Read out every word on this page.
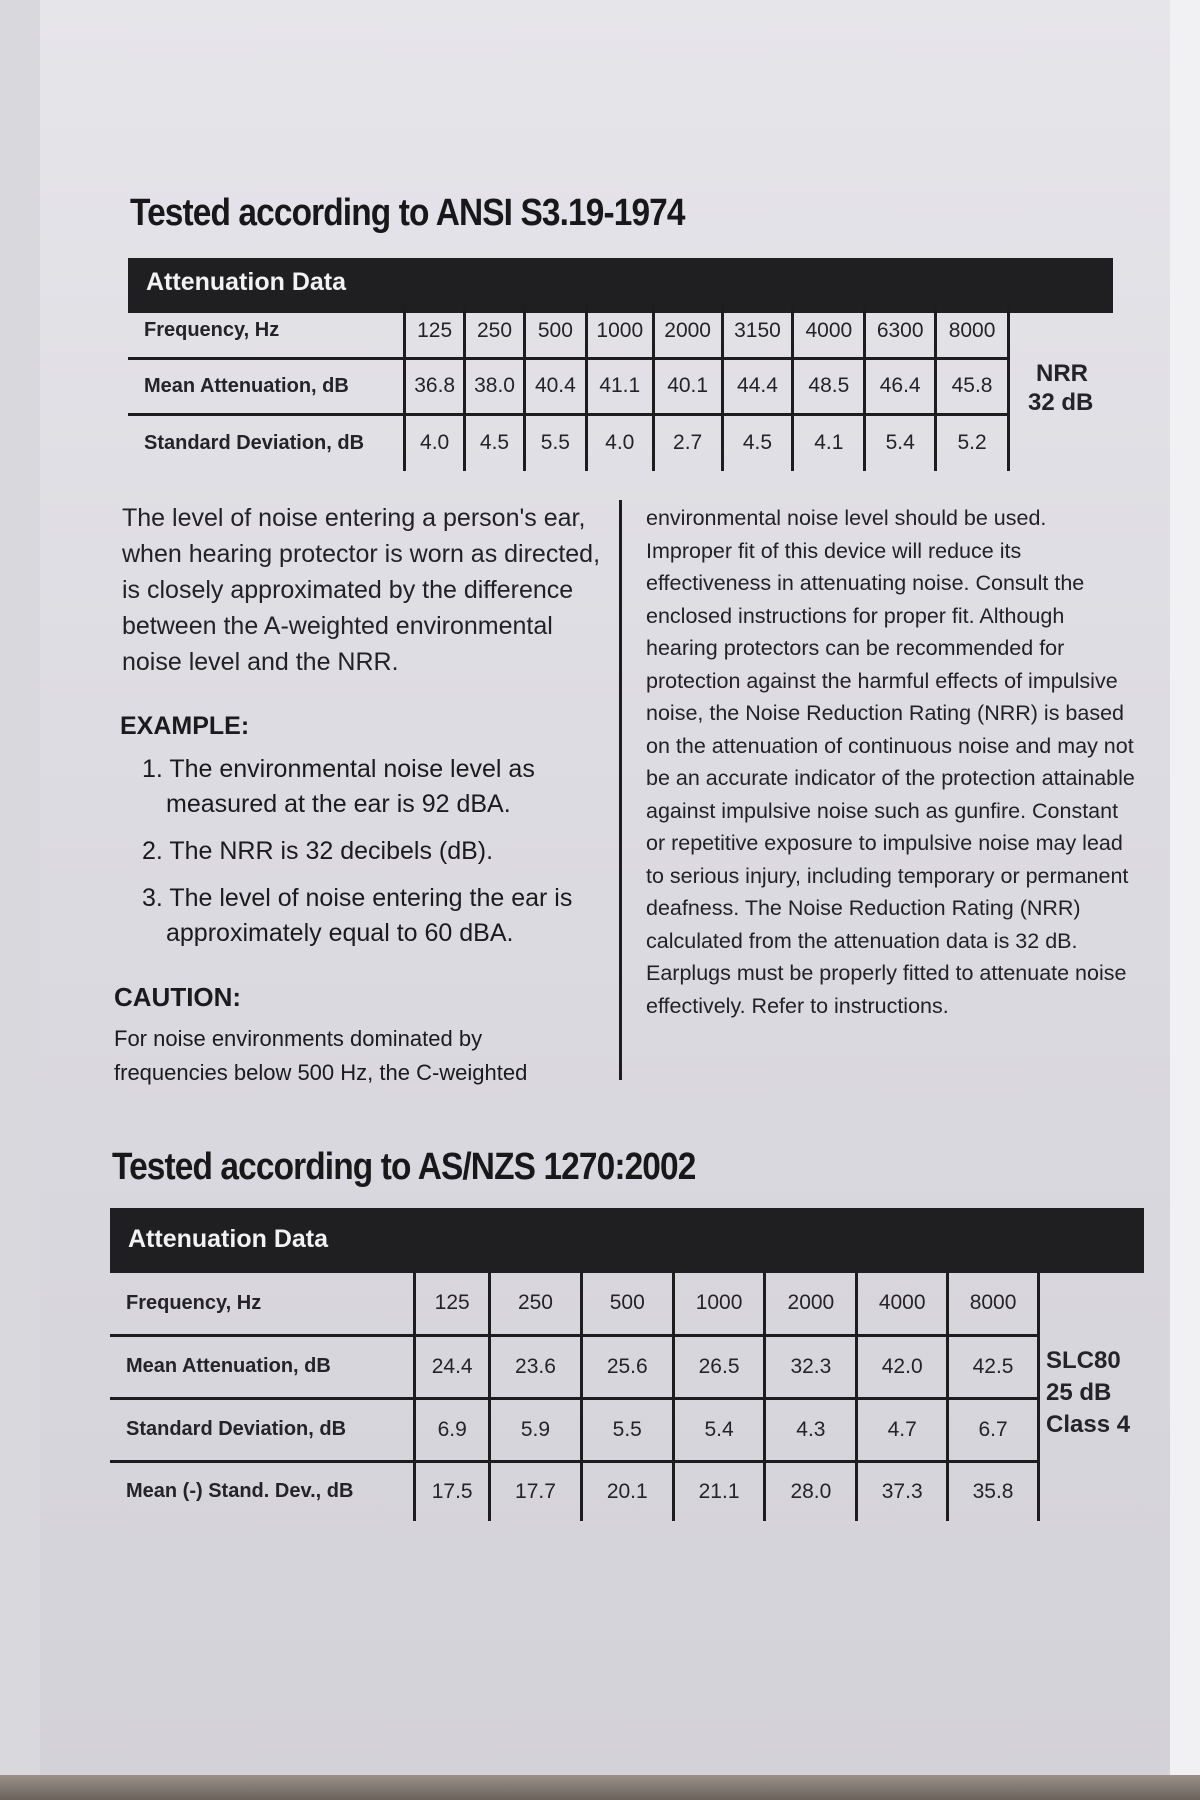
Tested according to ANSI S3.19-1974
Attenuation Data
Frequency, Hz	125	250	500	1000	2000	3150	4000	6300	8000
Mean Attenuation, dB	36.8	38.0	40.4	41.1	40.1	44.4	48.5	46.4	45.8
Standard Deviation, dB	4.0	4.5	5.5	4.0	2.7	4.5	4.1	5.4	5.2
NRR
32 dB
The level of noise entering a person's ear, when hearing protector is worn as directed, is closely approximated by the difference between the A-weighted environmental noise level and the NRR.
EXAMPLE:
1. The environmental noise level as measured at the ear is 92 dBA.
2. The NRR is 32 decibels (dB).
3. The level of noise entering the ear is approximately equal to 60 dBA.
CAUTION:
For noise environments dominated by frequencies below 500 Hz, the C-weighted
environmental noise level should be used. Improper fit of this device will reduce its effectiveness in attenuating noise. Consult the enclosed instructions for proper fit. Although hearing protectors can be recommended for protection against the harmful effects of impulsive noise, the Noise Reduction Rating (NRR) is based on the attenuation of continuous noise and may not be an accurate indicator of the protection attainable against impulsive noise such as gunfire. Constant or repetitive exposure to impulsive noise may lead to serious injury, including temporary or permanent deafness. The Noise Reduction Rating (NRR) calculated from the attenuation data is 32 dB. Earplugs must be properly fitted to attenuate noise effectively. Refer to instructions.
Tested according to AS/NZS 1270:2002
Attenuation Data
Frequency, Hz	125	250	500	1000	2000	4000	8000
Mean Attenuation, dB	24.4	23.6	25.6	26.5	32.3	42.0	42.5
Standard Deviation, dB	6.9	5.9	5.5	5.4	4.3	4.7	6.7
Mean (-) Stand. Dev., dB	17.5	17.7	20.1	21.1	28.0	37.3	35.8
SLC80
25 dB
Class 4
